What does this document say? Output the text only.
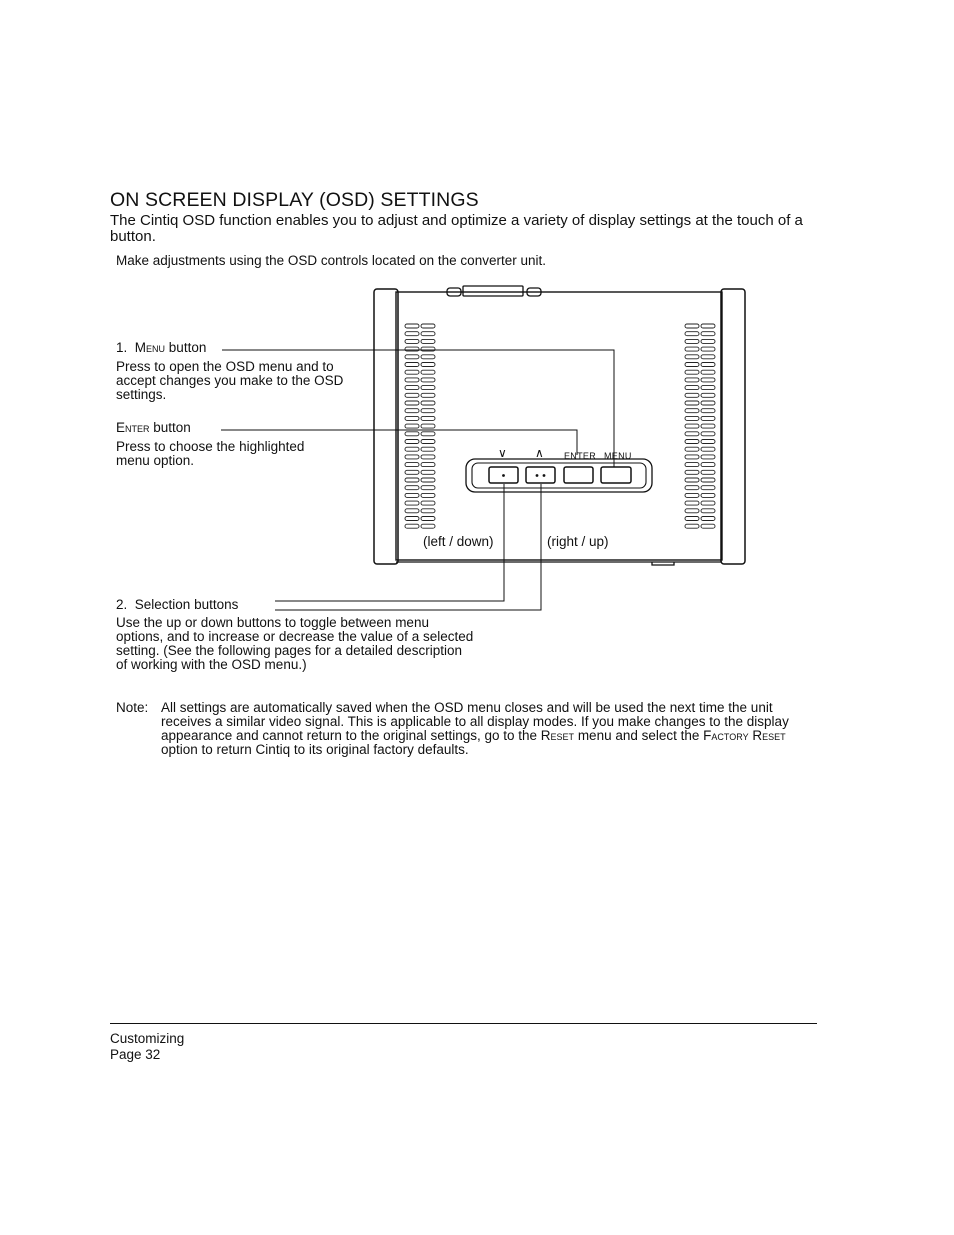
ON SCREEN DISPLAY (OSD) SETTINGS
The Cintiq OSD function enables you to adjust and optimize a variety of display settings at the touch of a button.
Make adjustments using the OSD controls located on the converter unit.
∨ ∧ ENTER MENU
(left / down)	(right / up)
1. Menu button
Press to open the OSD menu and to accept changes you make to the OSD settings.
Enter button
Press to choose the highlighted menu option.
2. Selection buttons
Use the up or down buttons to toggle between menu options, and to increase or decrease the value of a selected setting. (See the following pages for a detailed description of working with the OSD menu.)
Note: All settings are automatically saved when the OSD menu closes and will be used the next time the unit receives a similar video signal. This is applicable to all display modes. If you make changes to the display appearance and cannot return to the original settings, go to the Reset menu and select the Factory Reset option to return Cintiq to its original factory defaults.
Customizing
Page 32
